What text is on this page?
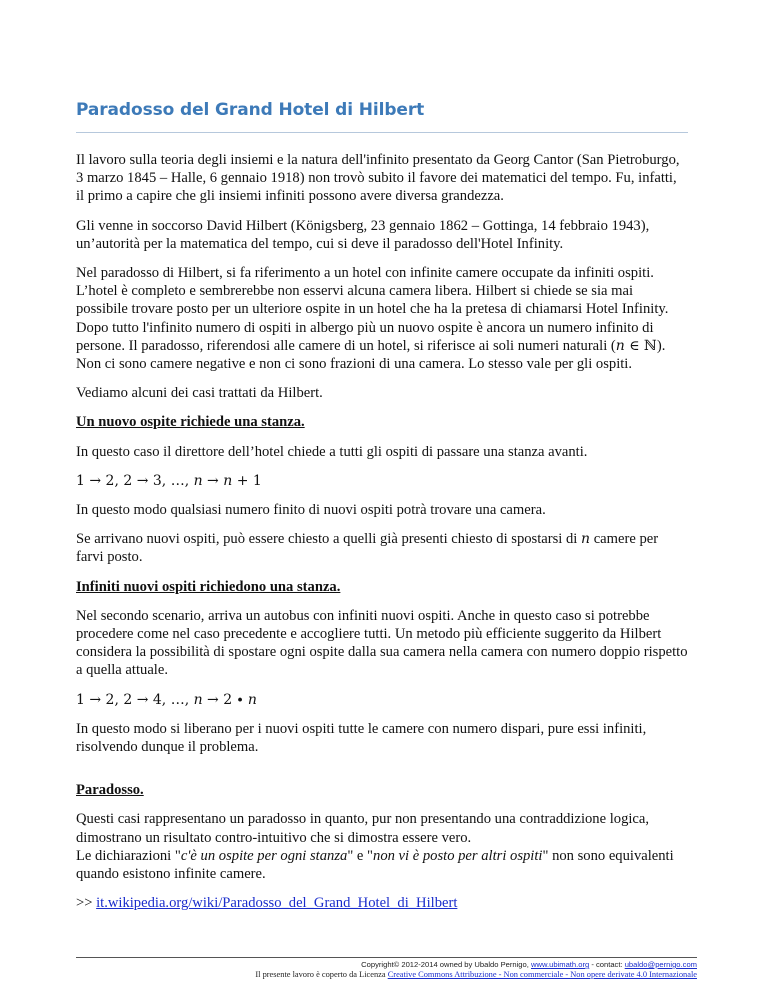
Paradosso del Grand Hotel di Hilbert

Il lavoro sulla teoria degli insiemi e la natura dell'infinito presentato da Georg Cantor (San Pietroburgo, 3 marzo 1845 – Halle, 6 gennaio 1918) non trovò subito il favore dei matematici del tempo. Fu, infatti, il primo a capire che gli insiemi infiniti possono avere diversa grandezza.

Gli venne in soccorso David Hilbert (Königsberg, 23 gennaio 1862 – Gottinga, 14 febbraio 1943), un’autorità per la matematica del tempo, cui si deve il paradosso dell'Hotel Infinity.

Nel paradosso di Hilbert, si fa riferimento a un hotel con infinite camere occupate da infiniti ospiti. L’hotel è completo e sembrerebbe non esservi alcuna camera libera. Hilbert si chiede se sia mai possibile trovare posto per un ulteriore ospite in un hotel che ha la pretesa di chiamarsi Hotel Infinity. Dopo tutto l'infinito numero di ospiti in albergo più un nuovo ospite è ancora un numero infinito di persone. Il paradosso, riferendosi alle camere di un hotel, si riferisce ai soli numeri naturali (𝑛 ∈ ℕ). Non ci sono camere negative e non ci sono frazioni di una camera. Lo stesso vale per gli ospiti.

Vediamo alcuni dei casi trattati da Hilbert.

Un nuovo ospite richiede una stanza.

In questo caso il direttore dell’hotel chiede a tutti gli ospiti di passare una stanza avanti.

1 → 2, 2 → 3, …, 𝑛 → 𝑛 + 1

In questo modo qualsiasi numero finito di nuovi ospiti potrà trovare una camera.

Se arrivano nuovi ospiti, può essere chiesto a quelli già presenti chiesto di spostarsi di 𝑛 camere per farvi posto.

Infiniti nuovi ospiti richiedono una stanza.

Nel secondo scenario, arriva un autobus con infiniti nuovi ospiti. Anche in questo caso si potrebbe procedere come nel caso precedente e accogliere tutti. Un metodo più efficiente suggerito da Hilbert considera la possibilità di spostare ogni ospite dalla sua camera nella camera con numero doppio rispetto a quella attuale.

1 → 2, 2 → 4, …, 𝑛 → 2 ∙ 𝑛

In questo modo si liberano per i nuovi ospiti tutte le camere con numero dispari, pure essi infiniti, risolvendo dunque il problema.

Paradosso.

Questi casi rappresentano un paradosso in quanto, pur non presentando una contraddizione logica, dimostrano un risultato contro-intuitivo che si dimostra essere vero.
Le dichiarazioni "c'è un ospite per ogni stanza" e "non vi è posto per altri ospiti" non sono equivalenti quando esistono infinite camere.

>> it.wikipedia.org/wiki/Paradosso_del_Grand_Hotel_di_Hilbert

Copyright© 2012-2014 owned by Ubaldo Pernigo, www.ubimath.org - contact: ubaldo@pernigo.com
Il presente lavoro è coperto da Licenza Creative Commons Attribuzione - Non commerciale - Non opere derivate 4.0 Internazionale
